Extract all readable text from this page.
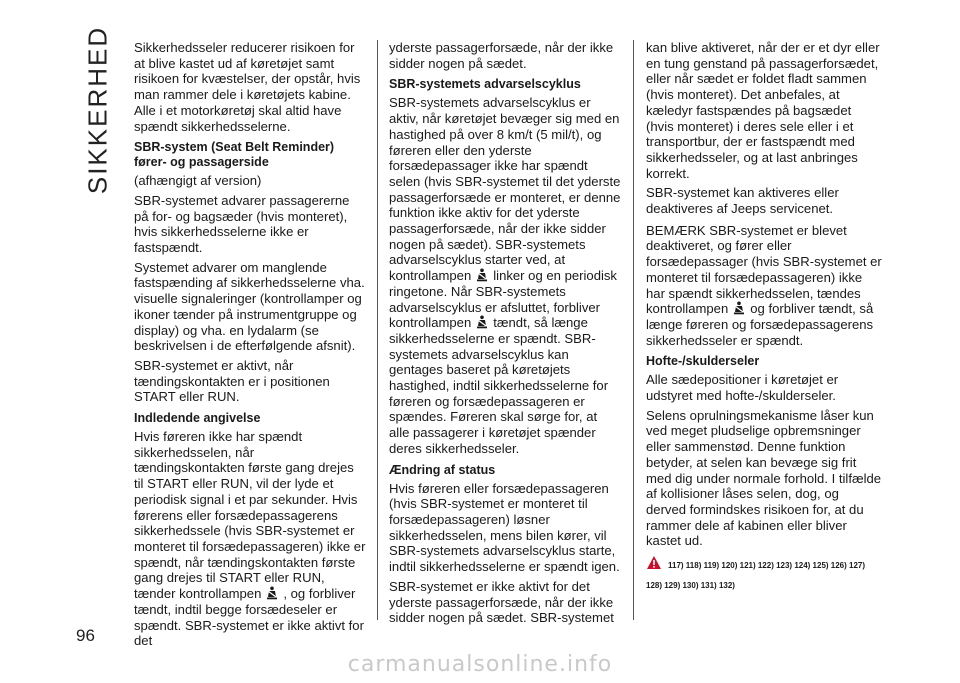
SIKKERHED
96

Sikkerhedsseler reducerer risikoen for at blive kastet ud af køretøjet samt risikoen for kvæstelser, der opstår, hvis man rammer dele i køretøjets kabine. Alle i et motorkøretøj skal altid have spændt sikkerhedsselerne.

SBR-system (Seat Belt Reminder) fører- og passagerside

(afhængigt af version)

SBR-systemet advarer passagererne på for- og bagsæder (hvis monteret), hvis sikkerhedsselerne ikke er fastspændt.

Systemet advarer om manglende fastspænding af sikkerhedsselerne vha. visuelle signaleringer (kontrollamper og ikoner tænder på instrumentgruppe og display) og vha. en lydalarm (se beskrivelsen i de efterfølgende afsnit).

SBR-systemet er aktivt, når tændingskontakten er i positionen START eller RUN.

Indledende angivelse

Hvis føreren ikke har spændt sikkerhedsselen, når tændingskontakten første gang drejes til START eller RUN, vil der lyde et periodisk signal i et par sekunder. Hvis førerens eller forsædepassagerens sikkerhedssele (hvis SBR-systemet er monteret til forsædepassageren) ikke er spændt, når tændingskontakten første gang drejes til START eller RUN, tænder kontrollampen , og forbliver tændt, indtil begge forsædeseler er spændt. SBR-systemet er ikke aktivt for det

yderste passagerforsæde, når der ikke sidder nogen på sædet.

SBR-systemets advarselscyklus

SBR-systemets advarselscyklus er aktiv, når køretøjet bevæger sig med en hastighed på over 8 km/t (5 mil/t), og føreren eller den yderste forsædepassager ikke har spændt selen (hvis SBR-systemet til det yderste passagerforsæde er monteret, er denne funktion ikke aktiv for det yderste passagerforsæde, når der ikke sidder nogen på sædet). SBR-systemets advarselscyklus starter ved, at kontrollampen linker og en periodisk ringetone. Når SBR-systemets advarselscyklus er afsluttet, forbliver kontrollampen tændt, så længe sikkerhedsselerne er spændt. SBR-systemets advarselscyklus kan gentages baseret på køretøjets hastighed, indtil sikkerhedsselerne for føreren og forsædepassageren er spændes. Føreren skal sørge for, at alle passagerer i køretøjet spænder deres sikkerhedsseler.

Ændring af status

Hvis føreren eller forsædepassageren (hvis SBR-systemet er monteret til forsædepassageren) løsner sikkerhedsselen, mens bilen kører, vil SBR-systemets advarselscyklus starte, indtil sikkerhedsselerne er spændt igen.

SBR-systemet er ikke aktivt for det yderste passagerforsæde, når der ikke sidder nogen på sædet. SBR-systemet

kan blive aktiveret, når der er et dyr eller en tung genstand på passagerforsædet, eller når sædet er foldet fladt sammen (hvis monteret). Det anbefales, at kæledyr fastspændes på bagsædet (hvis monteret) i deres sele eller i et transportbur, der er fastspændt med sikkerhedsseler, og at last anbringes korrekt.

SBR-systemet kan aktiveres eller deaktiveres af Jeeps servicenet.

BEMÆRK SBR-systemet er blevet deaktiveret, og fører eller forsædepassager (hvis SBR-systemet er monteret til forsædepassageren) ikke har spændt sikkerhedsselen, tændes kontrollampen og forbliver tændt, så længe føreren og forsædepassagerens sikkerhedsseler er spændt.

Hofte-/skulderseler

Alle sædepositioner i køretøjet er udstyret med hofte-/skulderseler.

Selens oprulningsmekanisme låser kun ved meget pludselige opbremsninger eller sammenstød. Denne funktion betyder, at selen kan bevæge sig frit med dig under normale forhold. I tilfælde af kollisioner låses selen, dog, og derved formindskes risikoen for, at du rammer dele af kabinen eller bliver kastet ud.

117) 118) 119) 120) 121) 122) 123) 124) 125) 126) 127)
128) 129) 130) 131) 132)
carmanualsonline.info
